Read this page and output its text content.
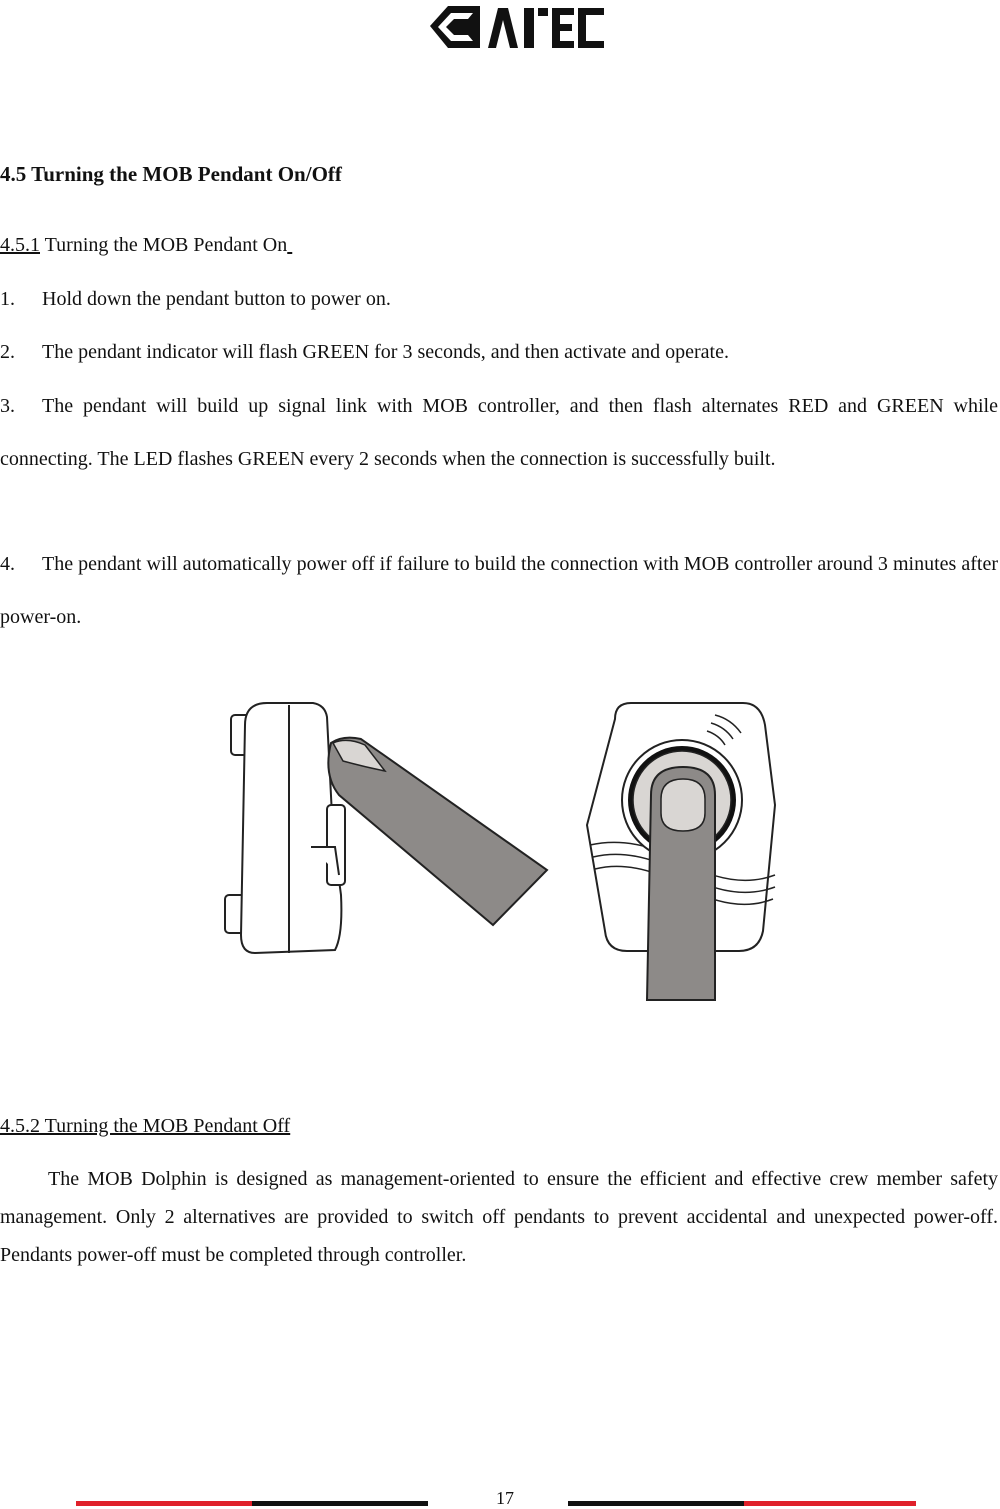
4.5 Turning the MOB Pendant On/Off

4.5.1 Turning the MOB Pendant On

1. Hold down the pendant button to power on.

2. The pendant indicator will flash GREEN for 3 seconds, and then activate and operate.

3. The pendant will build up signal link with MOB controller, and then flash alternates RED and GREEN while connecting. The LED flashes GREEN every 2 seconds when the connection is successfully built.

4. The pendant will automatically power off if failure to build the connection with MOB controller around 3 minutes after power-on.

4.5.2 Turning the MOB Pendant Off

The MOB Dolphin is designed as management-oriented to ensure the efficient and effective crew member safety management. Only 2 alternatives are provided to switch off pendants to prevent accidental and unexpected power-off. Pendants power-off must be completed through controller.

17
